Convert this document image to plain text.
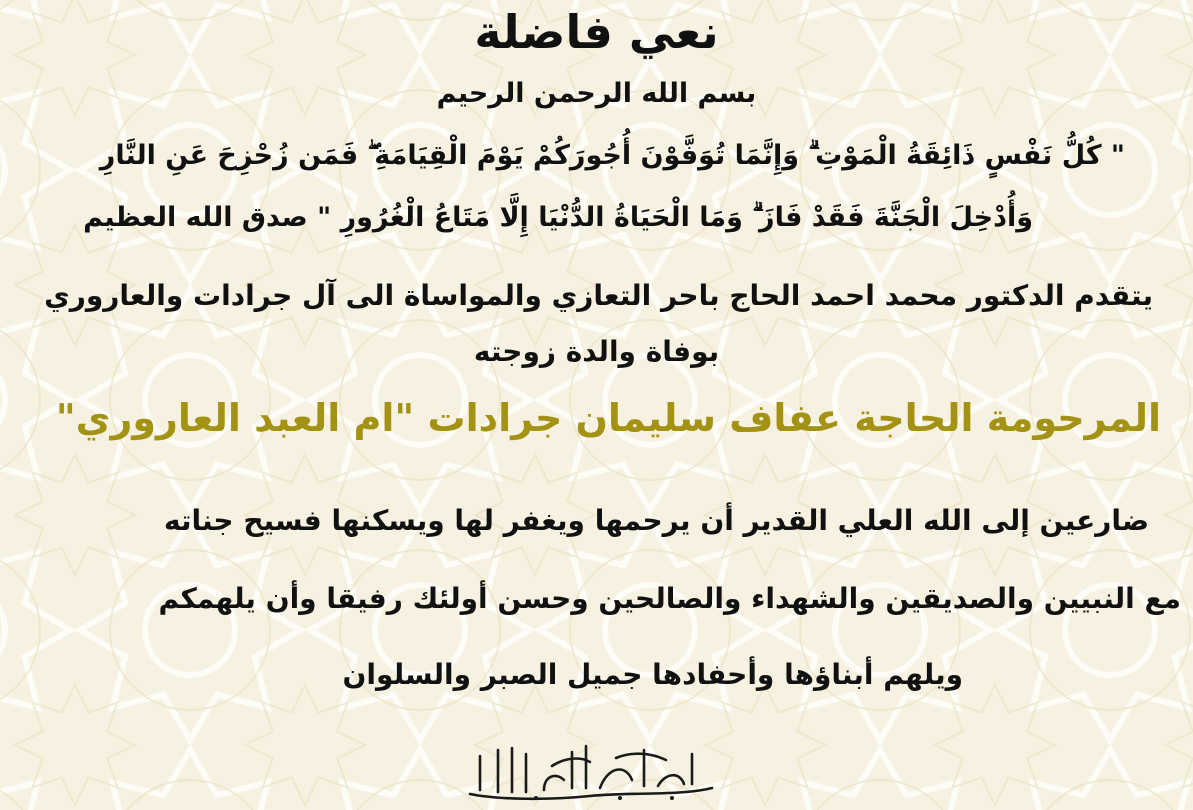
نعي فاضلة
بسم الله الرحمن الرحيم
" كُلُّ نَفْسٍ ذَائِقَةُ الْمَوْتِ ۗ وَإِنَّمَا تُوَفَّوْنَ أُجُورَكُمْ يَوْمَ الْقِيَامَةِ ۖ فَمَن زُحْزِحَ عَنِ النَّارِ
وَأُدْخِلَ الْجَنَّةَ فَقَدْ فَازَ ۗ وَمَا الْحَيَاةُ الدُّنْيَا إِلَّا مَتَاعُ الْغُرُورِ " صدق الله العظيم
يتقدم الدكتور محمد احمد الحاج باحر التعازي والمواساة الى آل جرادات والعاروري
بوفاة والدة زوجته
المرحومة الحاجة عفاف سليمان جرادات "ام العبد العاروري"
ضارعين إلى الله العلي القدير أن يرحمها ويغفر لها ويسكنها فسيح جناته
مع النبيين والصديقين والشهداء والصالحين وحسن أولئك رفيقا وأن يلهمكم
ويلهم أبناؤها وأحفادها جميل الصبر والسلوان
